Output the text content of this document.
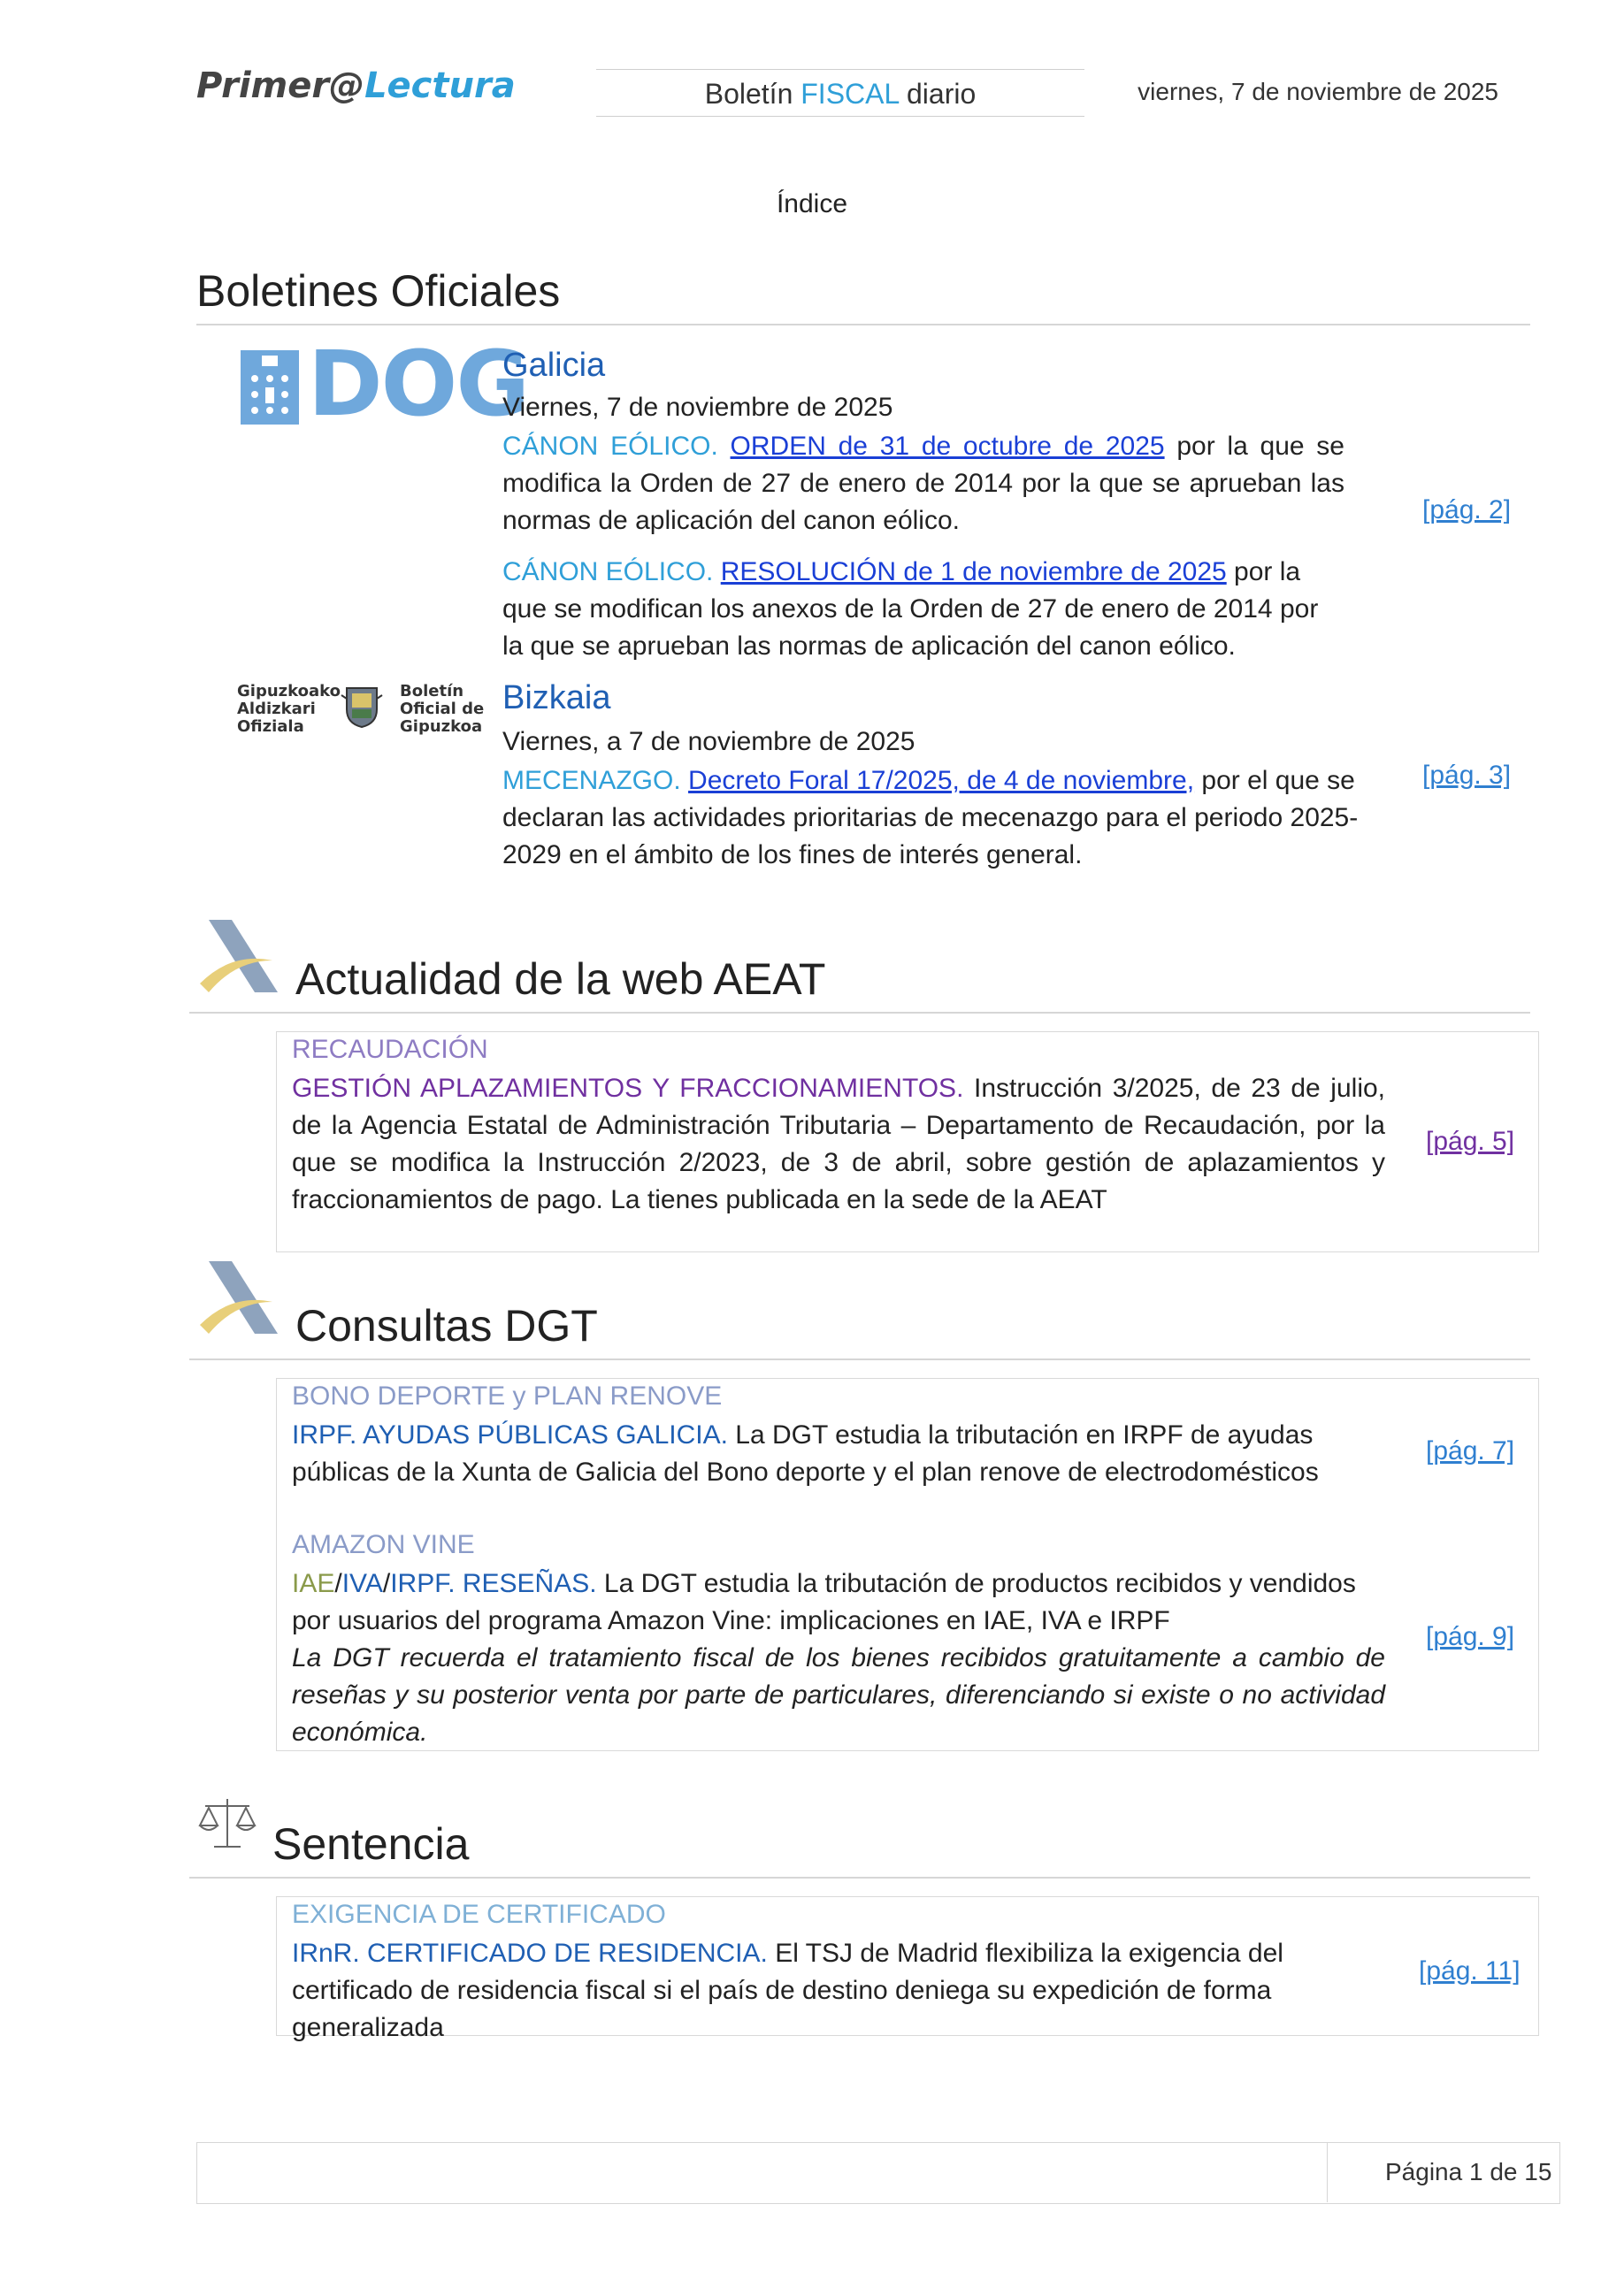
Primer@Lectura	Boletín FISCAL diario	viernes, 7 de noviembre de 2025
Índice
Boletines Oficiales
DOG
Galicia
Viernes, 7 de noviembre de 2025
CÁNON EÓLICO. ORDEN de 31 de octubre de 2025 por la que se modifica la Orden de 27 de enero de 2014 por la que se aprueban las normas de aplicación del canon eólico.
CÁNON EÓLICO. RESOLUCIÓN de 1 de noviembre de 2025 por la que se modifican los anexos de la Orden de 27 de enero de 2014 por la que se aprueban las normas de aplicación del canon eólico.
[pág. 2]
Gipuzkoako
Aldizkari
Ofiziala
Boletín
Oficial de
Gipuzkoa
Bizkaia
Viernes, a 7 de noviembre de 2025
MECENAZGO. Decreto Foral 17/2025, de 4 de noviembre, por el que se declaran las actividades prioritarias de mecenazgo para el periodo 2025-2029 en el ámbito de los fines de interés general.
[pág. 3]
Actualidad de la web AEAT
RECAUDACIÓN
GESTIÓN APLAZAMIENTOS Y FRACCIONAMIENTOS. Instrucción 3/2025, de 23 de julio, de la Agencia Estatal de Administración Tributaria – Departamento de Recaudación, por la que se modifica la Instrucción 2/2023, de 3 de abril, sobre gestión de aplazamientos y fraccionamientos de pago. La tienes publicada en la sede de la AEAT
[pág. 5]
Consultas DGT
BONO DEPORTE y PLAN RENOVE
IRPF. AYUDAS PÚBLICAS GALICIA. La DGT estudia la tributación en IRPF de ayudas públicas de la Xunta de Galicia del Bono deporte y el plan renove de electrodomésticos
[pág. 7]
AMAZON VINE
IAE/IVA/IRPF. RESEÑAS. La DGT estudia la tributación de productos recibidos y vendidos por usuarios del programa Amazon Vine: implicaciones en IAE, IVA e IRPF
La DGT recuerda el tratamiento fiscal de los bienes recibidos gratuitamente a cambio de reseñas y su posterior venta por parte de particulares, diferenciando si existe o no actividad económica.
[pág. 9]
Sentencia
EXIGENCIA DE CERTIFICADO
IRnR. CERTIFICADO DE RESIDENCIA. El TSJ de Madrid flexibiliza la exigencia del certificado de residencia fiscal si el país de destino deniega su expedición de forma generalizada
[pág. 11]
Página 1 de 15
